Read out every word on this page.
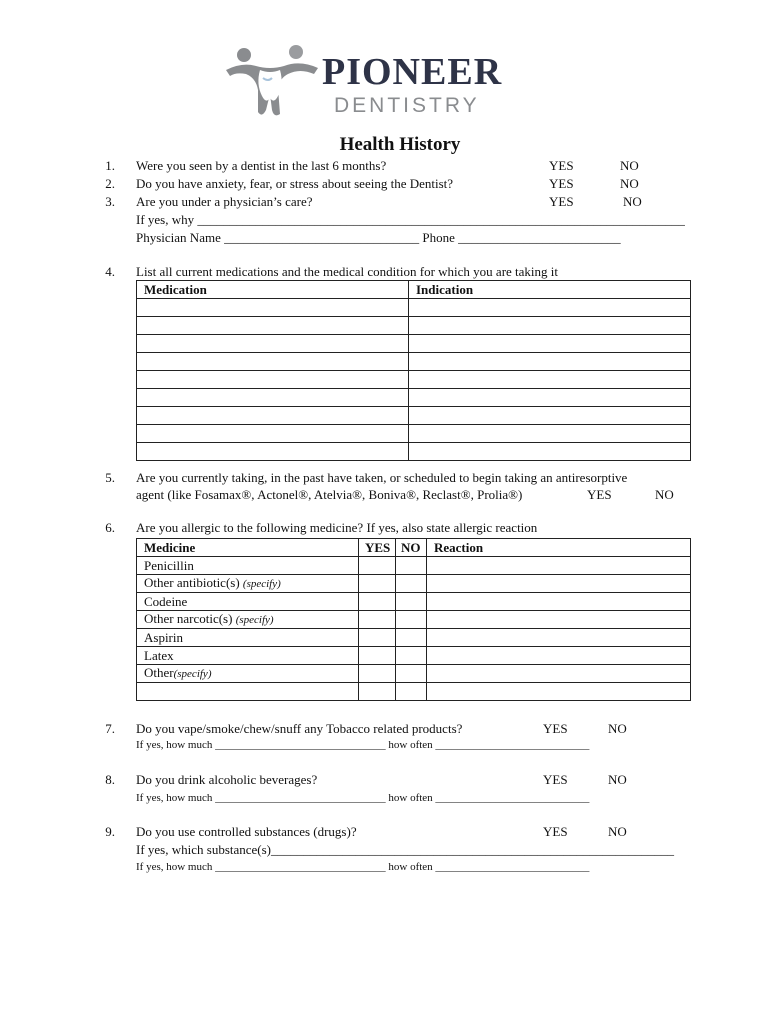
PIONEER
DENTISTRY
Health History
1. Were you seen by a dentist in the last 6 months?	YES	NO
2. Do you have anxiety, fear, or stress about seeing the Dentist?	YES	NO
3. Are you under a physician’s care?	YES	NO
If yes, why ___________________________________________________________________________
Physician Name ______________________________ Phone _________________________
4. List all current medications and the medical condition for which you are taking it
Medication	Indication

5. Are you currently taking, in the past have taken, or scheduled to begin taking an antiresorptive
agent (like Fosamax®, Actonel®, Atelvia®, Boniva®, Reclast®, Prolia®)	YES	NO
6. Are you allergic to the following medicine? If yes, also state allergic reaction
Medicine	YES	NO	Reaction
Penicillin			
Other antibiotic(s) (specify)			
Codeine			
Other narcotic(s) (specify)			
Aspirin			
Latex			
Other(specify)			

7. Do you vape/smoke/chew/snuff any Tobacco related products?	YES	NO
If yes, how much _______________________________ how often ____________________________
8. Do you drink alcoholic beverages?	YES	NO
If yes, how much _______________________________ how often ____________________________
9. Do you use controlled substances (drugs)?	YES	NO
If yes, which substance(s)______________________________________________________________
If yes, how much _______________________________ how often ____________________________
